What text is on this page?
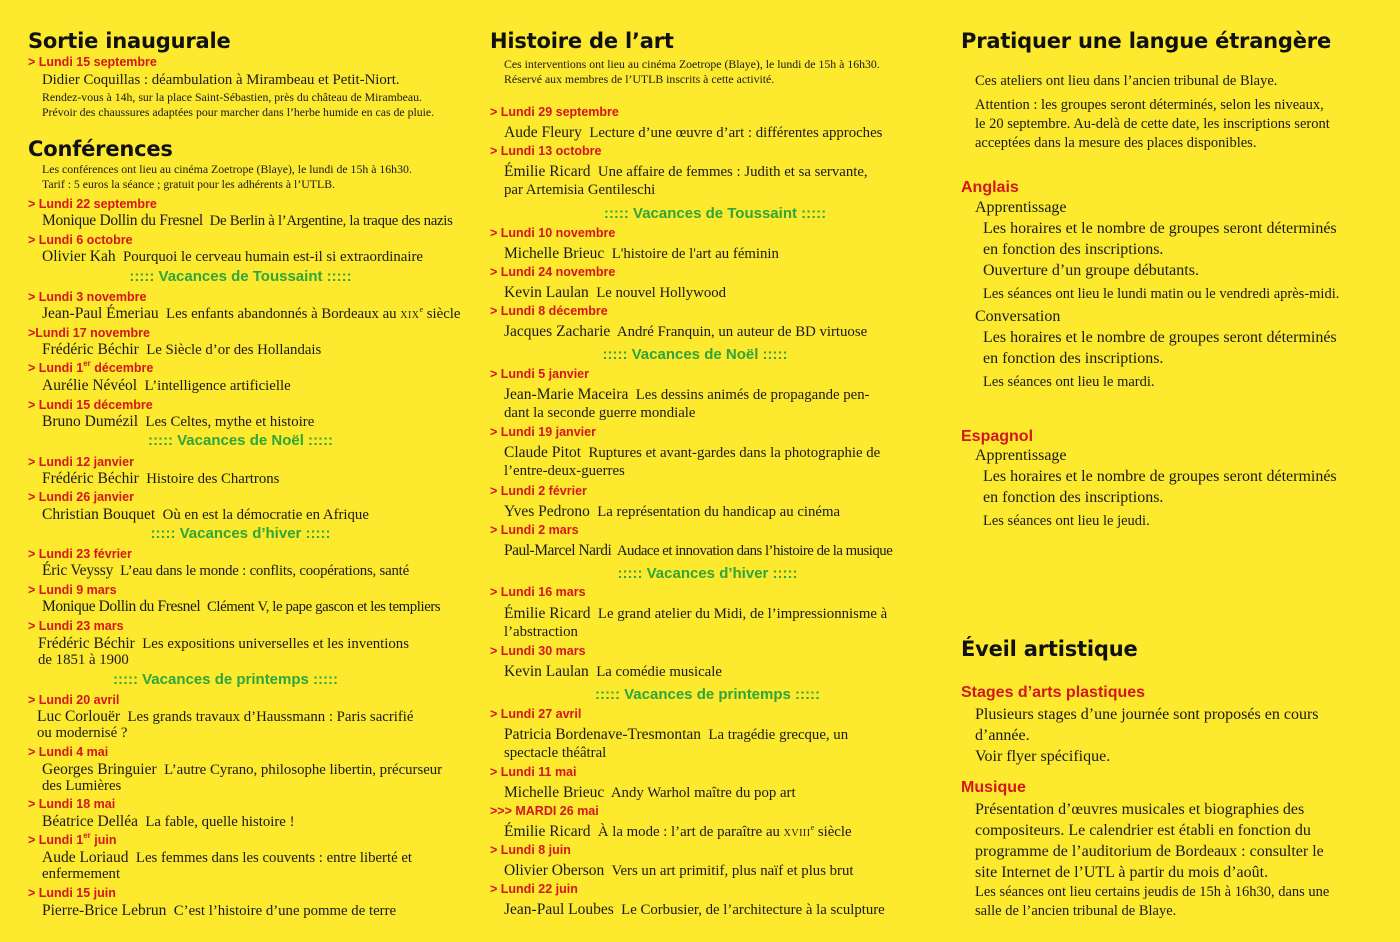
Sortie inaugurale
> Lundi 15 septembre
Didier Coquillas : déambulation à Mirambeau et Petit-Niort.
Rendez-vous à 14h, sur la place Saint-Sébastien, près du château de Mirambeau.
Prévoir des chaussures adaptées pour marcher dans l’herbe humide en cas de pluie.
Conférences
Les conférences ont lieu au cinéma Zoetrope (Blaye), le lundi de 15h à 16h30.
Tarif : 5 euros la séance ; gratuit pour les adhérents à l’UTLB.
> Lundi 22 septembre
Monique Dollin du Fresnel De Berlin à l’Argentine, la traque des nazis
> Lundi 6 octobre
Olivier Kah Pourquoi le cerveau humain est-il si extraordinaire
::::: Vacances de Toussaint :::::
> Lundi 3 novembre
Jean-Paul Émeriau  Les enfants abandonnés à Bordeaux au XIXe siècle
>Lundi 17 novembre
Frédéric Béchir Le Siècle d’or des Hollandais
> Lundi 1er décembre
Aurélie Névéol L’intelligence artificielle
> Lundi 15 décembre
Bruno Dumézil Les Celtes, mythe et histoire
::::: Vacances de Noël :::::
> Lundi 12 janvier
Frédéric Béchir Histoire des Chartrons
> Lundi 26 janvier
Christian Bouquet Où en est la démocratie en Afrique
::::: Vacances d’hiver :::::
> Lundi 23 février
Éric Veyssy L’eau dans le monde : conflits, coopérations, santé
> Lundi 9 mars
Monique Dollin du Fresnel Clément V, le pape gascon et les templiers
> Lundi 23 mars
Frédéric Béchir Les expositions universelles et les inventions
de 1851 à 1900
::::: Vacances de printemps :::::
> Lundi 20 avril
Luc Corlouër Les grands travaux d’Haussmann : Paris sacrifié
ou modernisé ?
> Lundi 4 mai
Georges Bringuier L’autre Cyrano, philosophe libertin, précurseur
des Lumières
> Lundi 18 mai
Béatrice Delléa La fable, quelle histoire !
> Lundi 1er juin
Aude Loriaud Les femmes dans les couvents : entre liberté et
enfermement
> Lundi 15 juin
Pierre-Brice Lebrun C’est l’histoire d’une pomme de terre
Histoire de l’art
Ces interventions ont lieu au cinéma Zoetrope (Blaye), le lundi de 15h à 16h30.
Réservé aux membres de l’UTLB inscrits à cette activité.
> Lundi 29 septembre
Aude Fleury Lecture d’une œuvre d’art : différentes approches
> Lundi 13 octobre
Émilie Ricard Une affaire de femmes : Judith et sa servante,
par Artemisia Gentileschi
::::: Vacances de Toussaint :::::
> Lundi 10 novembre
Michelle Brieuc L'histoire de l'art au féminin
> Lundi 24 novembre
Kevin Laulan Le nouvel Hollywood
> Lundi 8 décembre
Jacques Zacharie André Franquin, un auteur de BD virtuose
::::: Vacances de Noël :::::
> Lundi 5 janvier
Jean-Marie Maceira Les dessins animés de propagande pen-
dant la seconde guerre mondiale
> Lundi 19 janvier
Claude Pitot Ruptures et avant-gardes dans la photographie de
l’entre-deux-guerres
> Lundi 2 février
Yves Pedrono La représentation du handicap au cinéma
> Lundi 2 mars
Paul-Marcel Nardi Audace et innovation dans l’histoire de la musique
::::: Vacances d’hiver :::::
> Lundi 16 mars
Émilie Ricard Le grand atelier du Midi, de l’impressionnisme à
l’abstraction
> Lundi 30 mars
Kevin Laulan La comédie musicale
::::: Vacances de printemps :::::
> Lundi 27 avril
Patricia Bordenave-Tresmontan La tragédie grecque, un
spectacle théâtral
> Lundi 11 mai
Michelle Brieuc Andy Warhol maître du pop art
>>> MARDI 26 mai
Émilie Ricard  À la mode : l’art de paraître au XVIIIe siècle
> Lundi 8 juin
Olivier Oberson Vers un art primitif, plus naïf et plus brut
> Lundi 22 juin
Jean-Paul Loubes Le Corbusier, de l’architecture à la sculpture
Pratiquer une langue étrangère
Ces ateliers ont lieu dans l’ancien tribunal de Blaye.
Attention : les groupes seront déterminés, selon les niveaux,
le 20 septembre. Au-delà de cette date, les inscriptions seront
acceptées dans la mesure des places disponibles.
Anglais
Apprentissage
Les horaires et le nombre de groupes seront déterminés
en fonction des inscriptions.
Ouverture d’un groupe débutants.
Les séances ont lieu le lundi matin ou le vendredi après-midi.
Conversation
Les horaires et le nombre de groupes seront déterminés
en fonction des inscriptions.
Les séances ont lieu le mardi.
Espagnol
Apprentissage
Les horaires et le nombre de groupes seront déterminés
en fonction des inscriptions.
Les séances ont lieu le jeudi.
Éveil artistique
Stages d’arts plastiques
Plusieurs stages d’une journée sont proposés en cours
d’année.
Voir flyer spécifique.
Musique
Présentation d’œuvres musicales et biographies des
compositeurs. Le calendrier est établi en fonction du
programme de l’auditorium de Bordeaux : consulter le
site Internet de l’UTL à partir du mois d’août.
Les séances ont lieu certains jeudis de 15h à 16h30, dans une
salle de l’ancien tribunal de Blaye.
